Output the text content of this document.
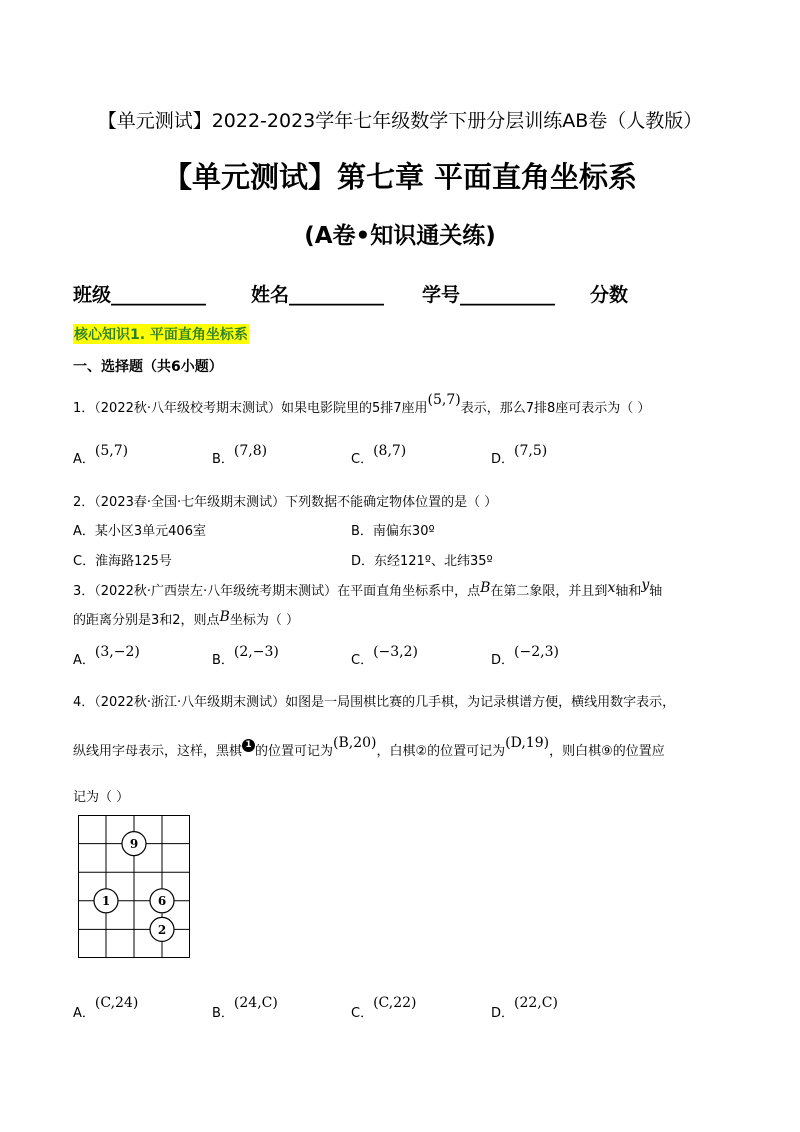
【单元测试】2022-2023学年七年级数学下册分层训练AB卷（人教版）
【单元测试】第七章 平面直角坐标系
(A卷•知识通关练)
班级__________ 姓名__________ 学号__________ 分数
核心知识1. 平面直角坐标系
一、选择题（共6小题）
1．（2022秋·八年级校考期末测试）如果电影院里的5排7座用(5,7)表示，那么7排8座可表示为（ ）
A．(5,7)
B．(7,8)
C．(8,7)
D．(7,5)
2．（2023春·全国·七年级期末测试）下列数据不能确定物体位置的是（ ）
A．某小区3单元406室	B．南偏东30º
C．淮海路125号	D．东经121º、北纬35º
3．（2022秋·广西崇左·八年级统考期末测试）在平面直角坐标系中，点B在第二象限，并且到x轴和y轴
的距离分别是3和2，则点B坐标为（ ）
A．(3,−2)
B．(2,−3)
C．(−3,2)
D．(−2,3)
4．（2022秋·浙江·八年级期末测试）如图是一局围棋比赛的几手棋，为记录棋谱方便，横线用数字表示，
纵线用字母表示，这样，黑棋 1 的位置可记为(B,20)，白棋②的位置可记为(D,19)，则白棋⑨的位置应
记为（ ）
9
1	6
2
A．(C,24)
B．(24,C)
C．(C,22)
D．(22,C)
